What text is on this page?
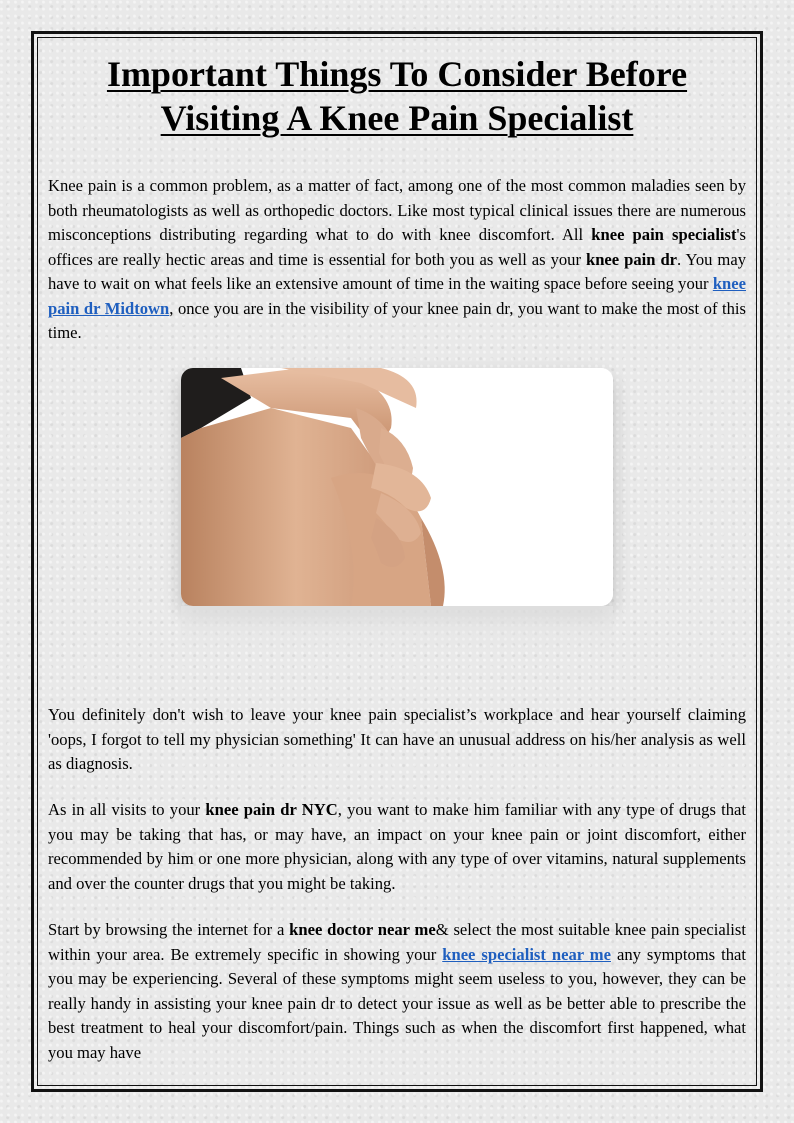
Important Things To Consider Before
Visiting A Knee Pain Specialist

Knee pain is a common problem, as a matter of fact, among one of the most common maladies seen by both rheumatologists as well as orthopedic doctors. Like most typical clinical issues there are numerous misconceptions distributing regarding what to do with knee discomfort. All knee pain specialist's offices are really hectic areas and time is essential for both you as well as your knee pain dr. You may have to wait on what feels like an extensive amount of time in the waiting space before seeing your knee pain dr Midtown, once you are in the visibility of your knee pain dr, you want to make the most of this time.

You definitely don't wish to leave your knee pain specialist’s workplace and hear yourself claiming 'oops, I forgot to tell my physician something' It can have an unusual address on his/her analysis as well as diagnosis.

As in all visits to your knee pain dr NYC, you want to make him familiar with any type of drugs that you may be taking that has, or may have, an impact on your knee pain or joint discomfort, either recommended by him or one more physician, along with any type of over vitamins, natural supplements and over the counter drugs that you might be taking.

Start by browsing the internet for a knee doctor near me& select the most suitable knee pain specialist within your area. Be extremely specific in showing your knee specialist near me any symptoms that you may be experiencing. Several of these symptoms might seem useless to you, however, they can be really handy in assisting your knee pain dr to detect your issue as well as be better able to prescribe the best treatment to heal your discomfort/pain. Things such as when the discomfort first happened, what you may have
